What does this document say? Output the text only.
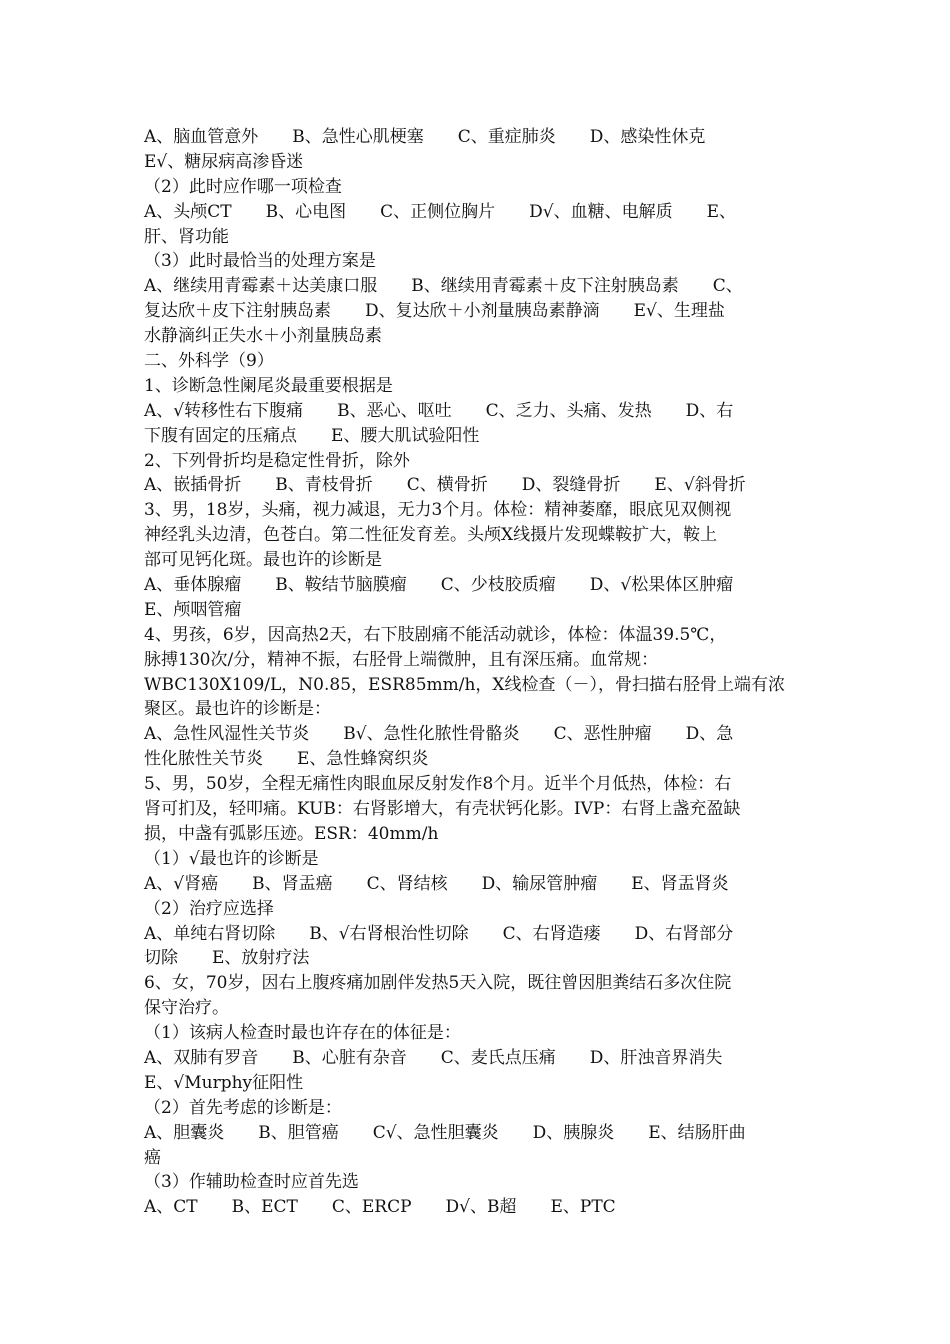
A、脑血管意外　　B、急性心肌梗塞　　C、重症肺炎　　D、感染性休克
E√、糖尿病高渗昏迷
（2）此时应作哪一项检查
A、头颅CT　　B、心电图　　C、正侧位胸片　　D√、血糖、电解质　　E、
肝、肾功能
（3）此时最恰当的处理方案是
A、继续用青霉素＋达美康口服　　B、继续用青霉素＋皮下注射胰岛素　　C、
复达欣＋皮下注射胰岛素　　D、复达欣＋小剂量胰岛素静滴　　E√、生理盐
水静滴纠正失水＋小剂量胰岛素
二、外科学（9）
1、诊断急性阑尾炎最重要根据是
A、√转移性右下腹痛　　B、恶心、呕吐　　C、乏力、头痛、发热　　D、右
下腹有固定的压痛点　　E、腰大肌试验阳性
2、下列骨折均是稳定性骨折，除外
A、嵌插骨折　　B、青枝骨折　　C、横骨折　　D、裂缝骨折　　E、√斜骨折
3、男，18岁，头痛，视力减退，无力3个月。体检：精神萎靡，眼底见双侧视
神经乳头边清，色苍白。第二性征发育差。头颅X线摄片发现蝶鞍扩大，鞍上
部可见钙化斑。最也许的诊断是
A、垂体腺瘤　　B、鞍结节脑膜瘤　　C、少枝胶质瘤　　D、√松果体区肿瘤
E、颅咽管瘤
4、男孩，6岁，因高热2天，右下肢剧痛不能活动就诊，体检：体温39.5℃，
脉搏130次/分，精神不振，右胫骨上端微肿，且有深压痛。血常规：
WBC130X109/L，N0.85，ESR85mm/h，X线检查（－），骨扫描右胫骨上端有浓
聚区。最也许的诊断是：
A、急性风湿性关节炎　　B√、急性化脓性骨骼炎　　C、恶性肿瘤　　D、急
性化脓性关节炎　　E、急性蜂窝织炎
5、男，50岁，全程无痛性肉眼血尿反射发作8个月。近半个月低热，体检：右
肾可扪及，轻叩痛。KUB：右肾影增大，有壳状钙化影。IVP：右肾上盏充盈缺
损，中盏有弧影压迹。ESR：40mm/h
（1）√最也许的诊断是
A、√肾癌　　B、肾盂癌　　C、肾结核　　D、输尿管肿瘤　　E、肾盂肾炎
（2）治疗应选择
A、单纯右肾切除　　B、√右肾根治性切除　　C、右肾造瘘　　D、右肾部分
切除　　E、放射疗法
6、女，70岁，因右上腹疼痛加剧伴发热5天入院，既往曾因胆粪结石多次住院
保守治疗。
（1）该病人检查时最也许存在的体征是：
A、双肺有罗音　　B、心脏有杂音　　C、麦氏点压痛　　D、肝浊音界消失
E、√Murphy征阳性
（2）首先考虑的诊断是：
A、胆囊炎　　B、胆管癌　　C√、急性胆囊炎　　D、胰腺炎　　E、结肠肝曲
癌
（3）作辅助检查时应首先选
A、CT　　B、ECT　　C、ERCP　　D√、B超　　E、PTC
